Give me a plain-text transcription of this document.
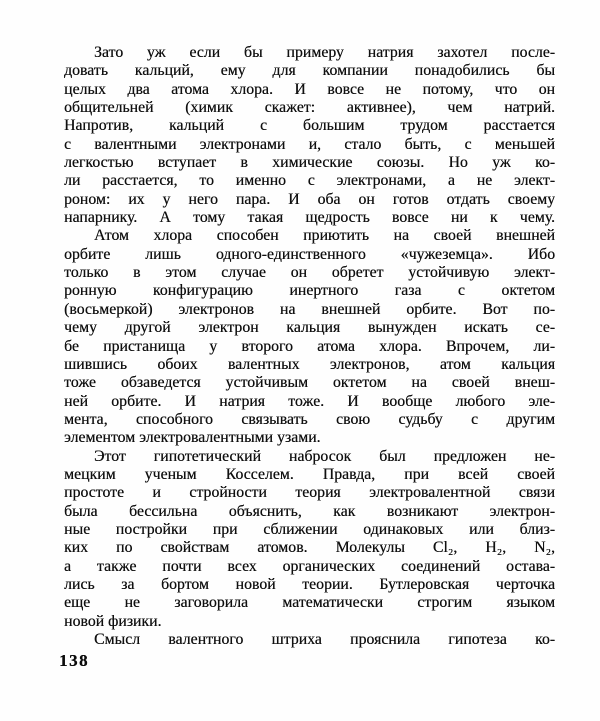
Зато уж если бы примеру натрия захотел после-
довать кальций, ему для компании понадобились бы
целых два атома хлора. И вовсе не потому, что он
общительней (химик скажет: активнее), чем натрий.
Напротив, кальций с большим трудом расстается
с валентными электронами и, стало быть, с меньшей
легкостью вступает в химические союзы. Но уж ко-
ли расстается, то именно с электронами, а не элект-
роном: их у него пара. И оба он готов отдать своему
напарнику. А тому такая щедрость вовсе ни к чему.
Атом хлора способен приютить на своей внешней
орбите лишь одного-единственного «чужеземца». Ибо
только в этом случае он обретет устойчивую элект-
ронную конфигурацию инертного газа с октетом
(восьмеркой) электронов на внешней орбите. Вот по-
чему другой электрон кальция вынужден искать се-
бе пристанища у второго атома хлора. Впрочем, ли-
шившись обоих валентных электронов, атом кальция
тоже обзаведется устойчивым октетом на своей внеш-
ней орбите. И натрия тоже. И вообще любого эле-
мента, способного связывать свою судьбу с другим
элементом электровалентными узами.
Этот гипотетический набросок был предложен не-
мецким ученым Косселем. Правда, при всей своей
простоте и стройности теория электровалентной связи
была бессильна объяснить, как возникают электрон-
ные постройки при сближении одинаковых или близ-
ких по свойствам атомов. Молекулы Cl₂, H₂, N₂,
а также почти всех органических соединений остава-
лись за бортом новой теории. Бутлеровская черточка
еще не заговорила математически строгим языком
новой физики.
Смысл валентного штриха прояснила гипотеза ко-
138
